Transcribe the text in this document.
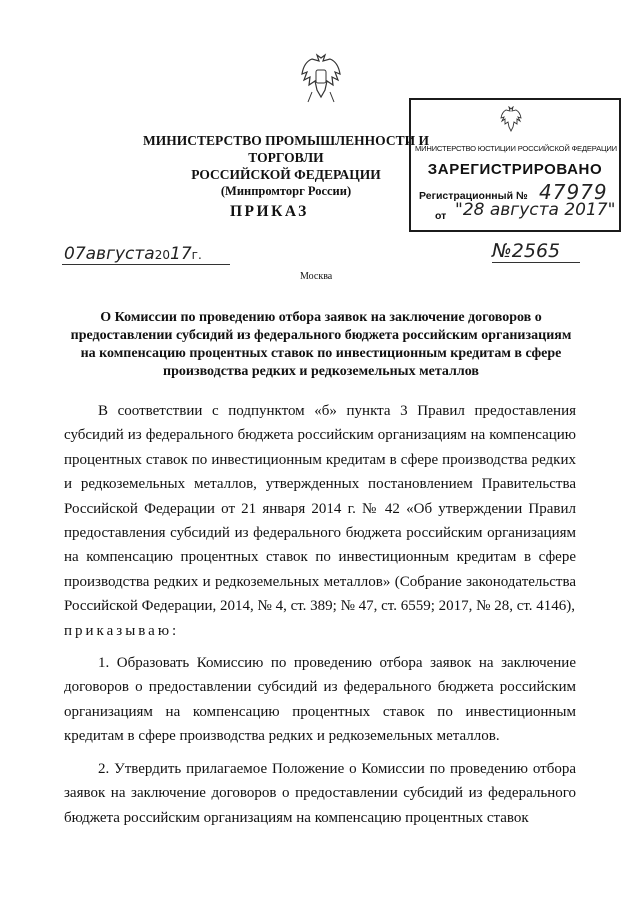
МИНИСТЕРСТВО ПРОМЫШЛЕННОСТИ И ТОРГОВЛИ
РОССИЙСКОЙ ФЕДЕРАЦИИ
(Минпромторг России)
МИНИСТЕРСТВО ЮСТИЦИИ РОССИЙСКОЙ ФЕДЕРАЦИИ
ЗАРЕГИСТРИРОВАНО
Регистрационный № 47979
от "28 августа 2017"
ПРИКАЗ
07августа2017г.	№2565
Москва
О Комиссии по проведению отбора заявок на заключение договоров о предоставлении субсидий из федерального бюджета российским организациям на компенсацию процентных ставок по инвестиционным кредитам в сфере производства редких и редкоземельных металлов

В соответствии с подпунктом «б» пункта 3 Правил предоставления субсидий из федерального бюджета российским организациям на компенсацию процентных ставок по инвестиционным кредитам в сфере производства редких и редкоземельных металлов, утвержденных постановлением Правительства Российской Федерации от 21 января 2014 г. № 42 «Об утверждении Правил предоставления субсидий из федерального бюджета российским организациям на компенсацию процентных ставок по инвестиционным кредитам в сфере производства редких и редкоземельных металлов» (Собрание законодательства Российской Федерации, 2014, № 4, ст. 389; № 47, ст. 6559; 2017, № 28, ст. 4146),

приказываю:

1. Образовать Комиссию по проведению отбора заявок на заключение договоров о предоставлении субсидий из федерального бюджета российским организациям на компенсацию процентных ставок по инвестиционным кредитам в сфере производства редких и редкоземельных металлов.

2. Утвердить прилагаемое Положение о Комиссии по проведению отбора заявок на заключение договоров о предоставлении субсидий из федерального бюджета российским организациям на компенсацию процентных ставок
